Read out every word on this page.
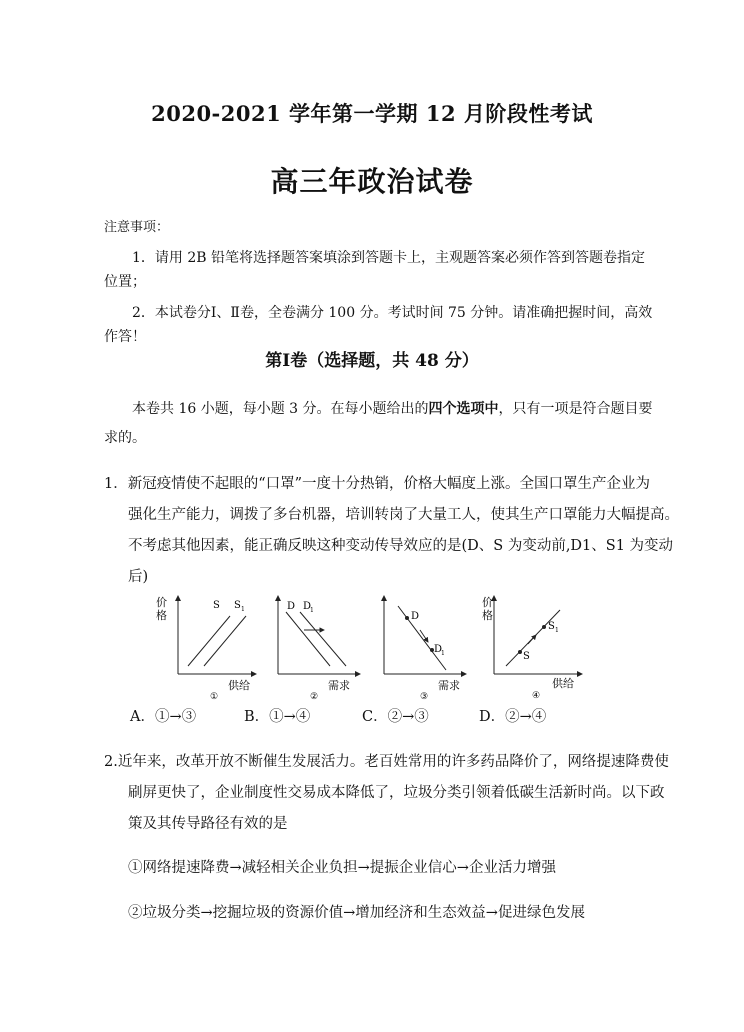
2020-2021 学年第一学期 12 月阶段性考试
高三年政治试卷
注意事项：
1．请用 2B 铅笔将选择题答案填涂到答题卡上，主观题答案必须作答到答题卷指定
位置；
2．本试卷分Ⅰ、Ⅱ卷，全卷满分 100 分。考试时间 75 分钟。请准确把握时间，高效
作答！
第Ⅰ卷（选择题，共 48 分）
本卷共 16 小题，每小题 3 分。在每小题给出的四个选项中，只有一项是符合题目要
求的。
1．新冠疫情使不起眼的“口罩”一度十分热销，价格大幅度上涨。全国口罩生产企业为
强化生产能力，调拨了多台机器，培训转岗了大量工人，使其生产口罩能力大幅提高。
不考虑其他因素，能正确反映这种变动传导效应的是(D、S 为变动前,D1、S1 为变动
后)
价
格
S S 1
供给
①
D D
1
需求
②
D
D
1
需求
③
价
格
S
S 1
供给
④
A．①→③	B．①→④	C．②→③	D．②→④
2.近年来，改革开放不断催生发展活力。老百姓常用的许多药品降价了，网络提速降费使
刷屏更快了，企业制度性交易成本降低了，垃圾分类引领着低碳生活新时尚。以下政
策及其传导路径有效的是
①网络提速降费→减轻相关企业负担→提振企业信心→企业活力增强
②垃圾分类→挖掘垃圾的资源价值→增加经济和生态效益→促进绿色发展
